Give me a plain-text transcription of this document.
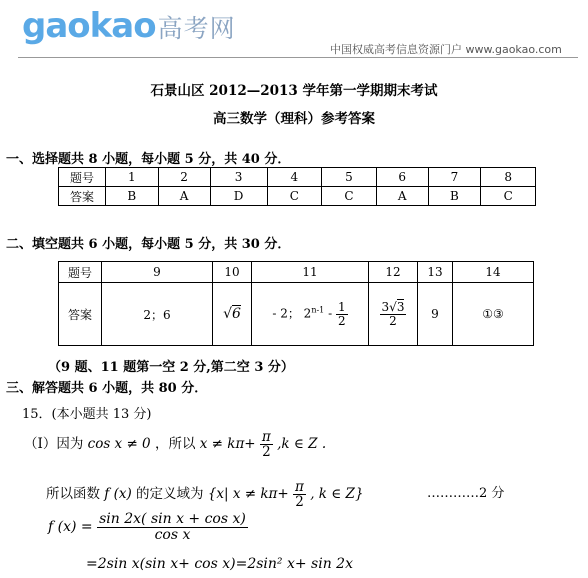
gaokao高考网
中国权威高考信息资源门户 www.gaokao.com
石景山区 2012—2013 学年第一学期期末考试
高三数学（理科）参考答案
一、选择题共 8 小题，每小题 5 分，共 40 分．
题号	1	2	3	4	5	6	7	8
答案	B	A	D	C	C	A	B	C
二、填空题共 6 小题，每小题 5 分，共 30 分．
题号	9	10	11	12	13	14
答案	2；6	√6	- 2； $2^{n-1} - \frac{1}{2}$	$\frac{3√3}{2}$	9	①③
（9 题、11 题第一空 2 分,第二空 3 分）
三、解答题共 6 小题，共 80 分．
15．(本小题共 13 分)
（Ⅰ）因为 cos x ≠ 0 ，所以 $x \ne k\pi+ \frac{\pi}{2} ,k$ ∈ Z .
所以函数 f (x) 的定义域为 {x| $x \ne k\pi+ \frac{\pi}{2}$ , k ∈ Z}	…………2 分
f $(x) = \frac{\text{sin 2x( sin x + cos x)}}{\text{cos x}}$
=2sin x(sin x+ cos x)=2sin² x+ sin 2x
